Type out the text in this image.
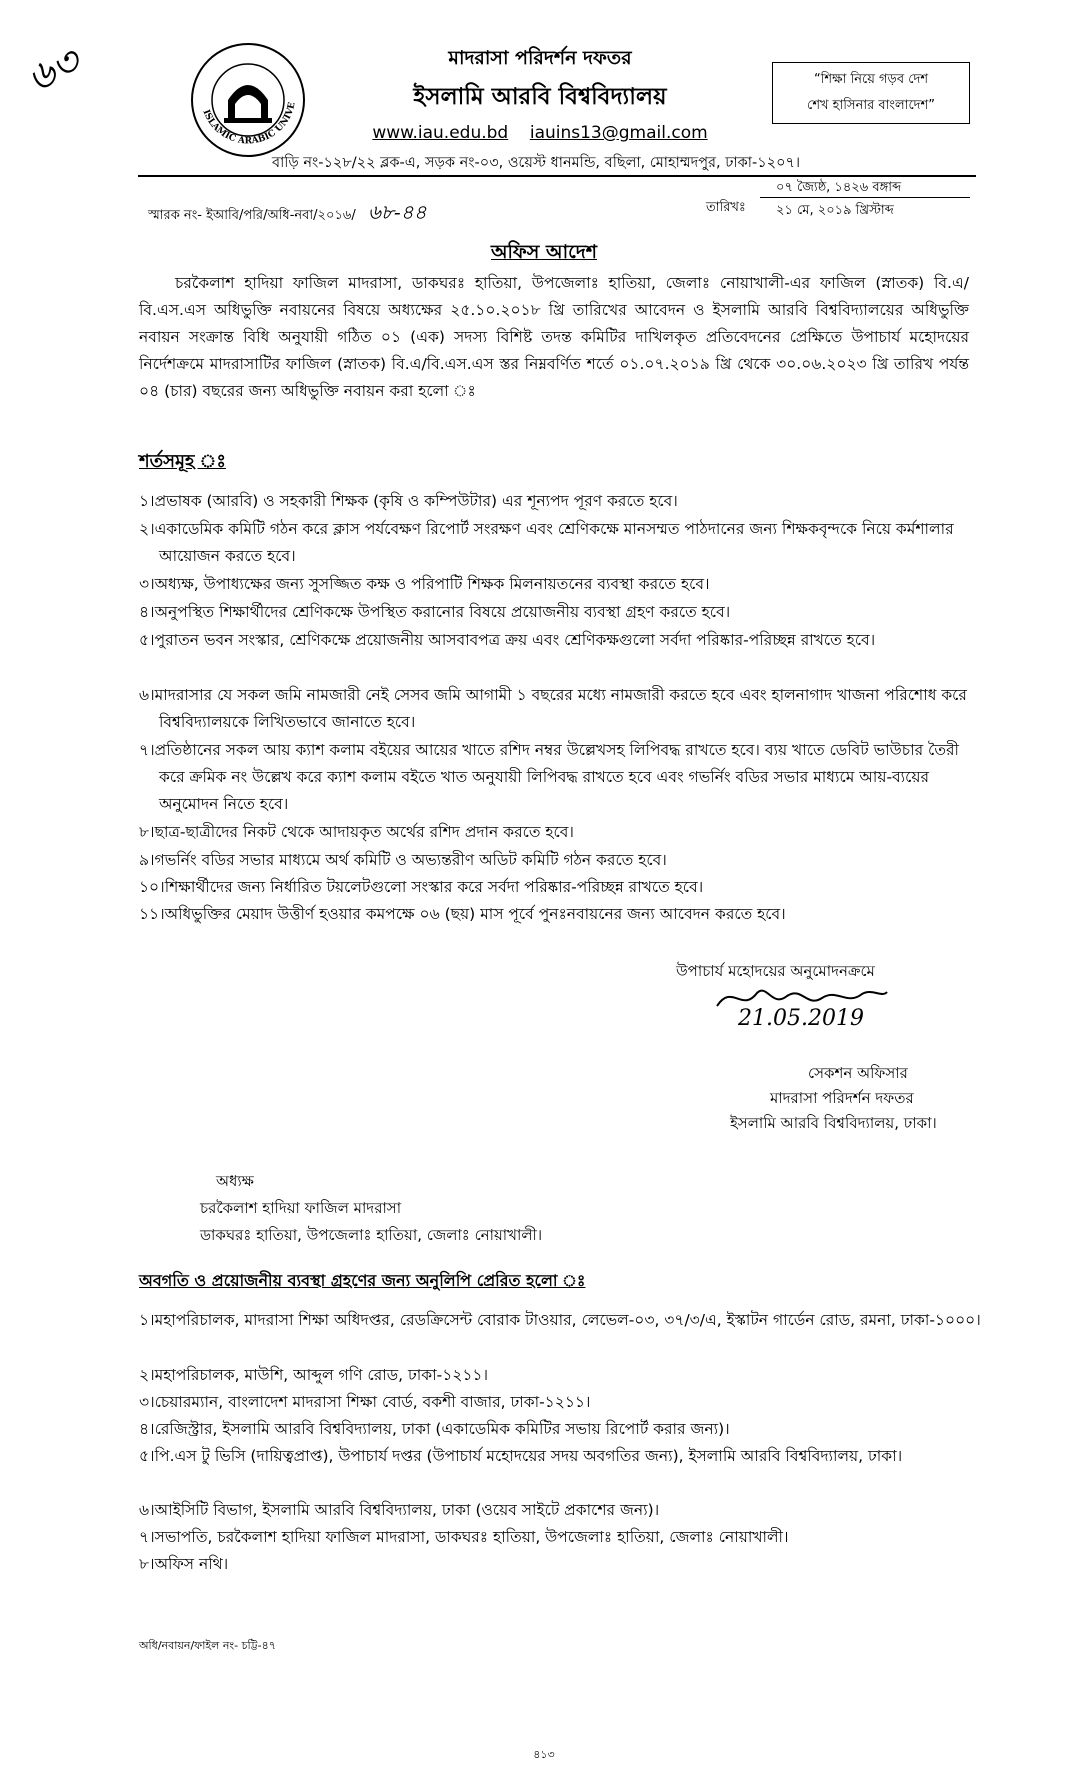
৬৩
ISLAMIC ARABIC UNIVE
মাদরাসা পরিদর্শন দফতর
ইসলামি আরবি বিশ্ববিদ্যালয়
www.iau.edu.bd iauins13@gmail.com
“শিক্ষা নিয়ে গড়ব দেশ
শেখ হাসিনার বাংলাদেশ”
বাড়ি নং-১২৮/২২ ব্লক-এ, সড়ক নং-০৩, ওয়েস্ট ধানমন্ডি, বছিলা, মোহাম্মদপুর, ঢাকা-১২০৭।
স্মারক নং- ইআবি/পরি/অধি-নবা/২০১৬/ ৬৮-৪৪	তারিখঃ
০৭ জ্যৈষ্ঠ, ১৪২৬ বঙ্গাব্দ
২১ মে, ২০১৯ খ্রিস্টাব্দ
অফিস আদেশ
চরকৈলাশ হাদিয়া ফাজিল মাদরাসা, ডাকঘরঃ হাতিয়া, উপজেলাঃ হাতিয়া, জেলাঃ নোয়াখালী-এর ফাজিল (স্নাতক) বি.এ/বি.এস.এস অধিভুক্তি নবায়নের বিষয়ে অধ্যক্ষের ২৫.১০.২০১৮ খ্রি তারিখের আবেদন ও ইসলামি আরবি বিশ্ববিদ্যালয়ের অধিভুক্তি নবায়ন সংক্রান্ত বিধি অনুযায়ী গঠিত ০১ (এক) সদস্য বিশিষ্ট তদন্ত কমিটির দাখিলকৃত প্রতিবেদনের প্রেক্ষিতে উপাচার্য মহোদয়ের নির্দেশক্রমে মাদরাসাটির ফাজিল (স্নাতক) বি.এ/বি.এস.এস স্তর নিম্নবর্ণিত শর্তে ০১.০৭.২০১৯ খ্রি থেকে ৩০.০৬.২০২৩ খ্রি তারিখ পর্যন্ত ০৪ (চার) বছরের জন্য অধিভুক্তি নবায়ন করা হলো ঃ
শর্তসমূহ ঃ
১।প্রভাষক (আরবি) ও সহকারী শিক্ষক (কৃষি ও কম্পিউটার) এর শূন্যপদ পূরণ করতে হবে।
২।একাডেমিক কমিটি গঠন করে ক্লাস পর্যবেক্ষণ রিপোর্ট সংরক্ষণ এবং শ্রেণিকক্ষে মানসম্মত পাঠদানের জন্য শিক্ষকবৃন্দকে নিয়ে কর্মশালার আয়োজন করতে হবে।
৩।অধ্যক্ষ, উপাধ্যক্ষের জন্য সুসজ্জিত কক্ষ ও পরিপাটি শিক্ষক মিলনায়তনের ব্যবস্থা করতে হবে।
৪।অনুপস্থিত শিক্ষার্থীদের শ্রেণিকক্ষে উপস্থিত করানোর বিষয়ে প্রয়োজনীয় ব্যবস্থা গ্রহণ করতে হবে।
৫।পুরাতন ভবন সংস্কার, শ্রেণিকক্ষে প্রয়োজনীয় আসবাবপত্র ক্রয় এবং শ্রেণিকক্ষগুলো সর্বদা পরিষ্কার-পরিচ্ছন্ন রাখতে হবে।
৬।মাদরাসার যে সকল জমি নামজারী নেই সেসব জমি আগামী ১ বছরের মধ্যে নামজারী করতে হবে এবং হালনাগাদ খাজনা পরিশোধ করে বিশ্ববিদ্যালয়কে লিখিতভাবে জানাতে হবে।
৭।প্রতিষ্ঠানের সকল আয় ক্যাশ কলাম বইয়ের আয়ের খাতে রশিদ নম্বর উল্লেখসহ লিপিবদ্ধ রাখতে হবে। ব্যয় খাতে ডেবিট ভাউচার তৈরী করে ক্রমিক নং উল্লেখ করে ক্যাশ কলাম বইতে খাত অনুযায়ী লিপিবদ্ধ রাখতে হবে এবং গভর্নিং বডির সভার মাধ্যমে আয়-ব্যয়ের অনুমোদন নিতে হবে।
৮।ছাত্র-ছাত্রীদের নিকট থেকে আদায়কৃত অর্থের রশিদ প্রদান করতে হবে।
৯।গভর্নিং বডির সভার মাধ্যমে অর্থ কমিটি ও অভ্যন্তরীণ অডিট কমিটি গঠন করতে হবে।
১০।শিক্ষার্থীদের জন্য নির্ধারিত টয়লেটগুলো সংস্কার করে সর্বদা পরিষ্কার-পরিচ্ছন্ন রাখতে হবে।
১১।অধিভুক্তির মেয়াদ উত্তীর্ণ হওয়ার কমপক্ষে ০৬ (ছয়) মাস পূর্বে পুনঃনবায়নের জন্য আবেদন করতে হবে।
উপাচার্য মহোদয়ের অনুমোদনক্রমে
21.05.2019
সেকশন অফিসার
মাদরাসা পরিদর্শন দফতর
ইসলামি আরবি বিশ্ববিদ্যালয়, ঢাকা।
অধ্যক্ষ
চরকৈলাশ হাদিয়া ফাজিল মাদরাসা
ডাকঘরঃ হাতিয়া, উপজেলাঃ হাতিয়া, জেলাঃ নোয়াখালী।
অবগতি ও প্রয়োজনীয় ব্যবস্থা গ্রহণের জন্য অনুলিপি প্রেরিত হলো ঃ
১।মহাপরিচালক, মাদরাসা শিক্ষা অধিদপ্তর, রেডক্রিসেন্ট বোরাক টাওয়ার, লেভেল-০৩, ৩৭/৩/এ, ইস্কাটন গার্ডেন রোড, রমনা, ঢাকা-১০০০।
২।মহাপরিচালক, মাউশি, আব্দুল গণি রোড, ঢাকা-১২১১।
৩।চেয়ারম্যান, বাংলাদেশ মাদরাসা শিক্ষা বোর্ড, বকশী বাজার, ঢাকা-১২১১।
৪।রেজিস্ট্রার, ইসলামি আরবি বিশ্ববিদ্যালয়, ঢাকা (একাডেমিক কমিটির সভায় রিপোর্ট করার জন্য)।
৫।পি.এস টু ভিসি (দায়িত্বপ্রাপ্ত), উপাচার্য দপ্তর (উপাচার্য মহোদয়ের সদয় অবগতির জন্য), ইসলামি আরবি বিশ্ববিদ্যালয়, ঢাকা।
৬।আইসিটি বিভাগ, ইসলামি আরবি বিশ্ববিদ্যালয়, ঢাকা (ওয়েব সাইটে প্রকাশের জন্য)।
৭।সভাপতি, চরকৈলাশ হাদিয়া ফাজিল মাদরাসা, ডাকঘরঃ হাতিয়া, উপজেলাঃ হাতিয়া, জেলাঃ নোয়াখালী।
৮।অফিস নথি।
অধি/নবায়ন/ফাইল নং- চট্টি-৪৭
৪১৩
